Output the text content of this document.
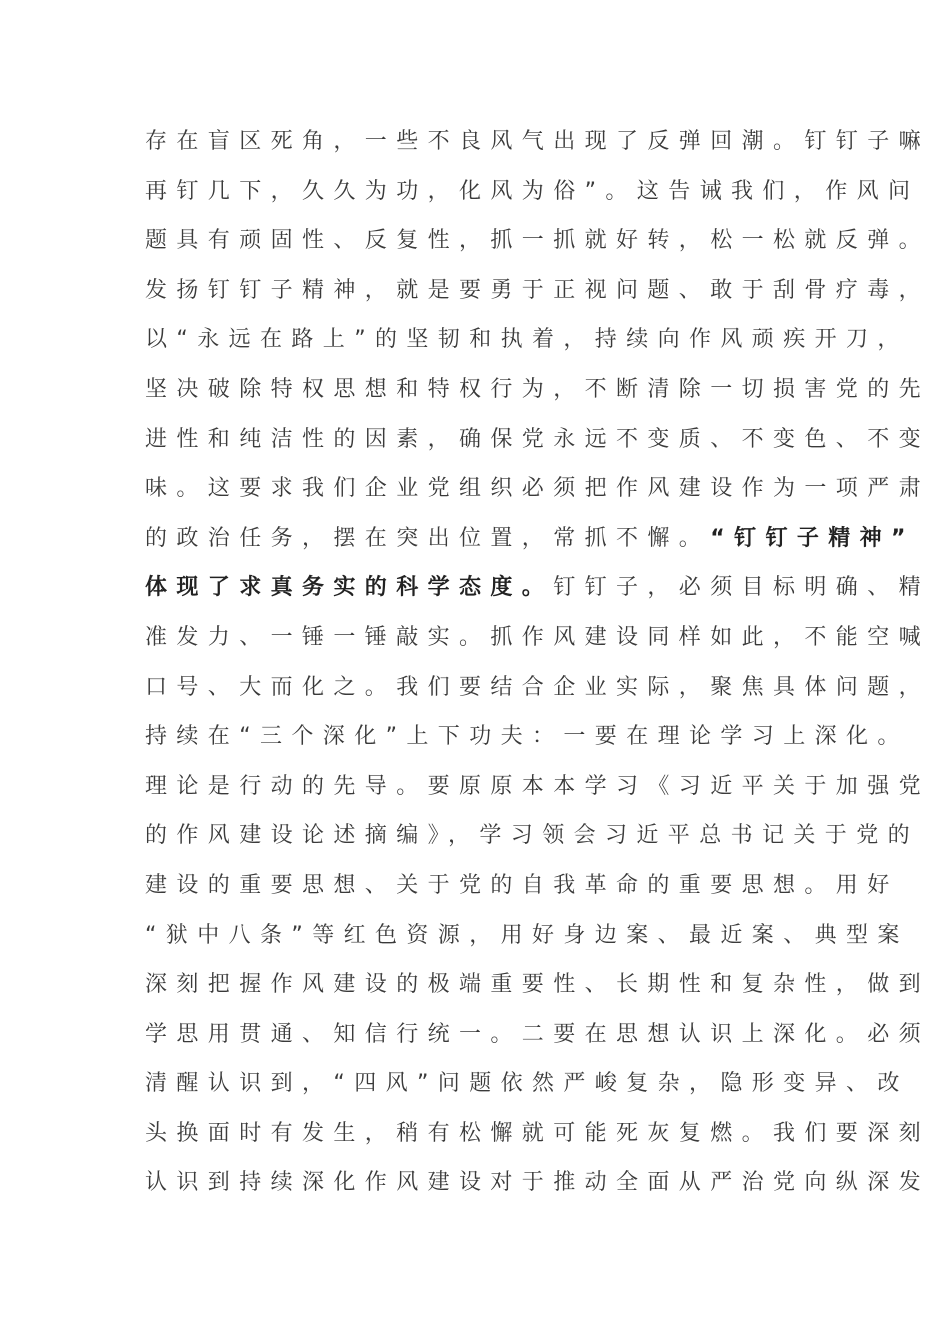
存在盲区死角，一些不良风气出现了反弹回潮。钉钉子嘛
再钉几下，久久为功，化风为俗”。这告诫我们，作风问
题具有顽固性、反复性，抓一抓就好转，松一松就反弹。
发扬钉钉子精神，就是要勇于正视问题、敢于刮骨疗毒，
以“永远在路上”的坚韧和执着，持续向作风顽疾开刀，
坚决破除特权思想和特权行为，不断清除一切损害党的先
进性和纯洁性的因素，确保党永远不变质、不变色、不变
味。这要求我们企业党组织必须把作风建设作为一项严肃
的政治任务，摆在突出位置，常抓不懈。“钉钉子精神”
体现了求真务实的科学态度。钉钉子，必须目标明确、精
准发力、一锤一锤敲实。抓作风建设同样如此，不能空喊
口号、大而化之。我们要结合企业实际，聚焦具体问题，
持续在“三个深化”上下功夫：一要在理论学习上深化。
理论是行动的先导。要原原本本学习《习近平关于加强党
的作风建设论述摘编》，学习领会习近平总书记关于党的
建设的重要思想、关于党的自我革命的重要思想。用好
“狱中八条”等红色资源，用好身边案、最近案、典型案
深刻把握作风建设的极端重要性、长期性和复杂性，做到
学思用贯通、知信行统一。二要在思想认识上深化。必须
清醒认识到，“四风”问题依然严峻复杂，隐形变异、改
头换面时有发生，稍有松懈就可能死灰复燃。我们要深刻
认识到持续深化作风建设对于推动全面从严治党向纵深发
